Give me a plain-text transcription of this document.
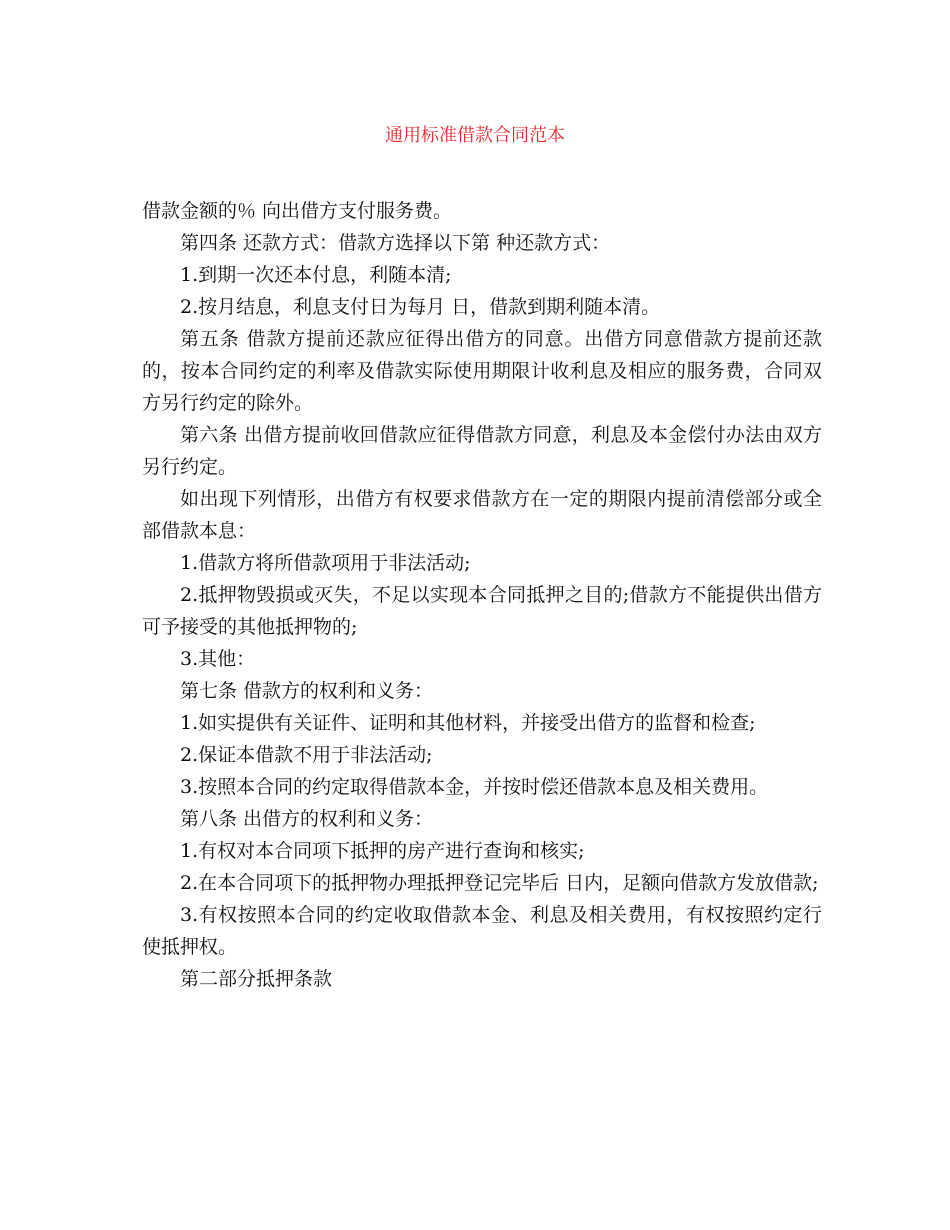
通用标准借款合同范本

借款金额的％ 向出借方支付服务费。

第四条 还款方式：借款方选择以下第 种还款方式：

1.到期一次还本付息，利随本清;

2.按月结息，利息支付日为每月 日，借款到期利随本清。

第五条 借款方提前还款应征得出借方的同意。出借方同意借款方提前还款的，按本合同约定的利率及借款实际使用期限计收利息及相应的服务费，合同双方另行约定的除外。

第六条 出借方提前收回借款应征得借款方同意，利息及本金偿付办法由双方另行约定。

如出现下列情形，出借方有权要求借款方在一定的期限内提前清偿部分或全部借款本息：

1.借款方将所借款项用于非法活动;

2.抵押物毁损或灭失，不足以实现本合同抵押之目的;借款方不能提供出借方可予接受的其他抵押物的;

3.其他：

第七条 借款方的权利和义务：

1.如实提供有关证件、证明和其他材料，并接受出借方的监督和检查;

2.保证本借款不用于非法活动;

3.按照本合同的约定取得借款本金，并按时偿还借款本息及相关费用。

第八条 出借方的权利和义务：

1.有权对本合同项下抵押的房产进行查询和核实;

2.在本合同项下的抵押物办理抵押登记完毕后 日内，足额向借款方发放借款;

3.有权按照本合同的约定收取借款本金、利息及相关费用，有权按照约定行使抵押权。

第二部分抵押条款
